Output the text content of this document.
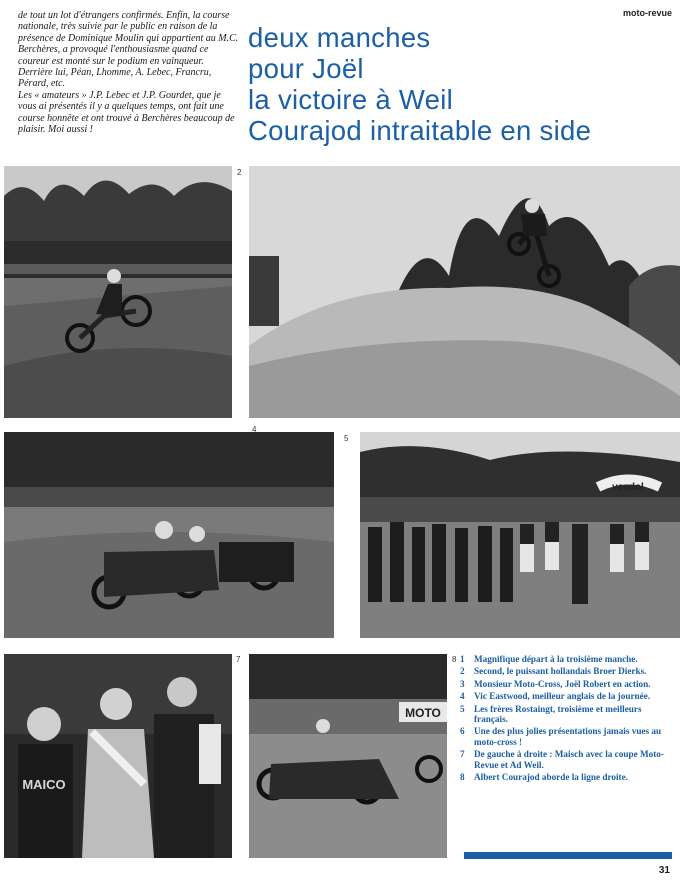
moto-revue

de tout un lot d'étrangers confirmés. Enfin, la course nationale, très suivie par le public en raison de la présence de Dominique Moulin qui appartient au M.C. Berchères, a provoqué l'enthousiasme quand ce coureur est monté sur le podium en vainqueur. Derrière lui, Péan, Lhomme, A. Lebec, Francru, Pérard, etc.

Les « amateurs » J.P. Lebec et J.P. Gourdet, que je vous ai présentés il y a quelques temps, ont fait une course honnête et ont trouvé à Berchères beaucoup de plaisir. Moi aussi !

deux manches
pour Joël
la victoire à Weil
Courajod intraitable en side
2
4
5
veedol
MAICO
7
MOTO
8 1	Magnifique départ à la troisième manche.
2	Second, le puissant hollandais Broer Dierks.
3	Monsieur Moto-Cross, Joël Robert en action.
4	Vic Eastwood, meilleur anglais de la journée.
5	Les frères Rostaingt, troisième et meilleurs français.
6	Une des plus jolies présentations jamais vues au moto-cross !
7	De gauche à droite : Maisch avec la coupe Moto-Revue et Ad Weil.
8	Albert Courajod aborde la ligne droite.
31
